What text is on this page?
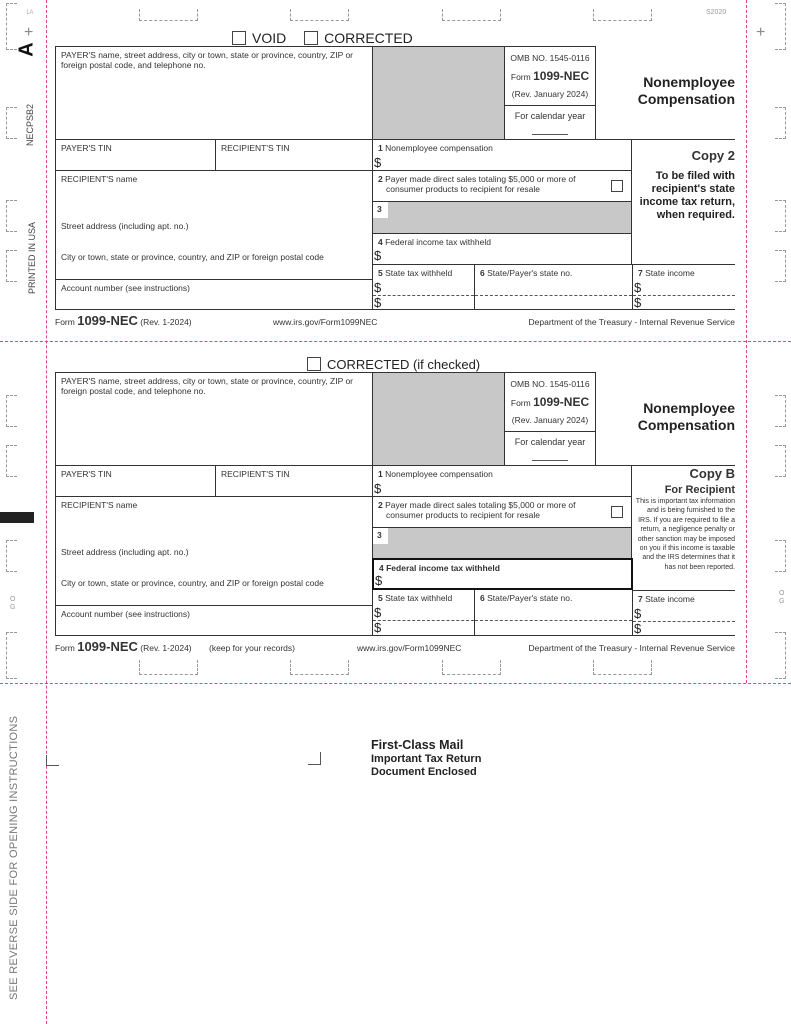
1A
A
+	+
NECPSB2
PRINTED IN USA
S2020
SEE REVERSE SIDE FOR OPENING INSTRUCTIONS
O
G
O
G
VOID	CORRECTED
PAYER'S name, street address, city or town, state or province, country, ZIP or foreign postal code, and telephone no.
OMB NO. 1545-0116
Form 1099-NEC
(Rev. January 2024)
For calendar year
Nonemployee
Compensation
PAYER'S TIN	RECIPIENT'S TIN	1 Nonemployee compensation
$	Copy 2
To be filed with recipient's state income tax return, when required.
RECIPIENT'S name
Street address (including apt. no.)
City or town, state or province, country, and ZIP or foreign postal code
2 Payer made direct sales totaling $5,000 or more of consumer products to recipient for resale
3
4 Federal income tax withheld
$
Account number (see instructions)
5 State tax withheld
$
$
6 State/Payer's state no.	7 State income
$
$
Form 1099-NEC (Rev. 1-2024)	www.irs.gov/Form1099NEC	Department of the Treasury - Internal Revenue Service
CORRECTED (if checked)
PAYER'S name, street address, city or town, state or province, country, ZIP or foreign postal code, and telephone no.
OMB NO. 1545-0116
Form 1099-NEC
(Rev. January 2024)
For calendar year
Nonemployee
Compensation
PAYER'S TIN	RECIPIENT'S TIN	1 Nonemployee compensation
$
Copy B
For Recipient
This is important tax information and is being furnished to the IRS. If you are required to file a return, a negligence penalty or other sanction may be imposed on you if this income is taxable and the IRS determines that it has not been reported.
RECIPIENT'S name
Street address (including apt. no.)
City or town, state or province, country, and ZIP or foreign postal code
2 Payer made direct sales totaling $5,000 or more of consumer products to recipient for resale
3
4 Federal income tax withheld
$
Account number (see instructions)
5 State tax withheld
$
$
6 State/Payer's state no.	7 State income
$
$
Form 1099-NEC (Rev. 1-2024) (keep for your records)	www.irs.gov/Form1099NEC	Department of the Treasury - Internal Revenue Service
First-Class Mail
Important Tax Return
Document Enclosed
